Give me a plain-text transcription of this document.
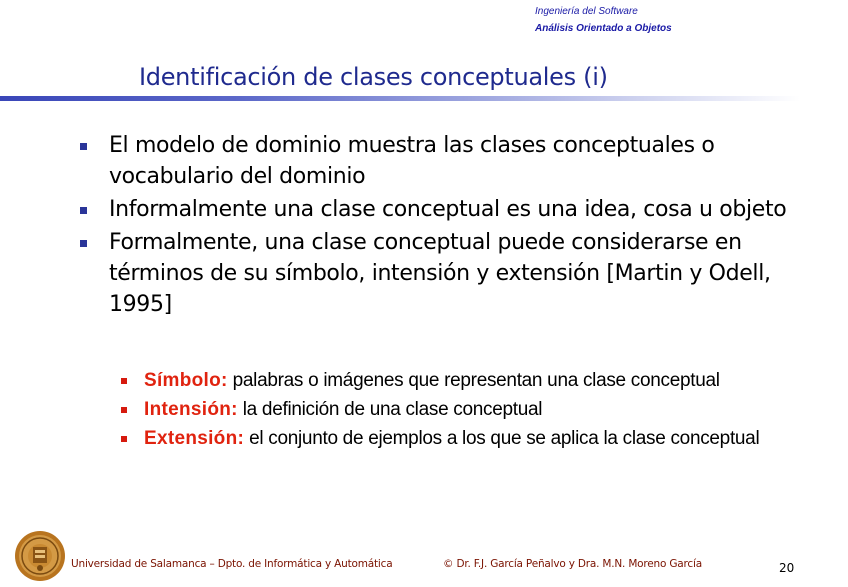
Ingeniería del Software
Análisis Orientado a Objetos
Identificación de clases conceptuales (i)
El modelo de dominio muestra las clases conceptuales o vocabulario del dominio
Informalmente una clase conceptual es una idea, cosa u objeto
Formalmente, una clase conceptual puede considerarse en términos de su símbolo, intensión y extensión [Martin y Odell, 1995]
Símbolo: palabras o imágenes que representan una clase conceptual
Intensión: la definición de una clase conceptual
Extensión: el conjunto de ejemplos a los que se aplica la clase conceptual
Universidad de Salamanca – Dpto. de Informática y Automática	© Dr. F.J. García Peñalvo y Dra. M.N. Moreno García	20
